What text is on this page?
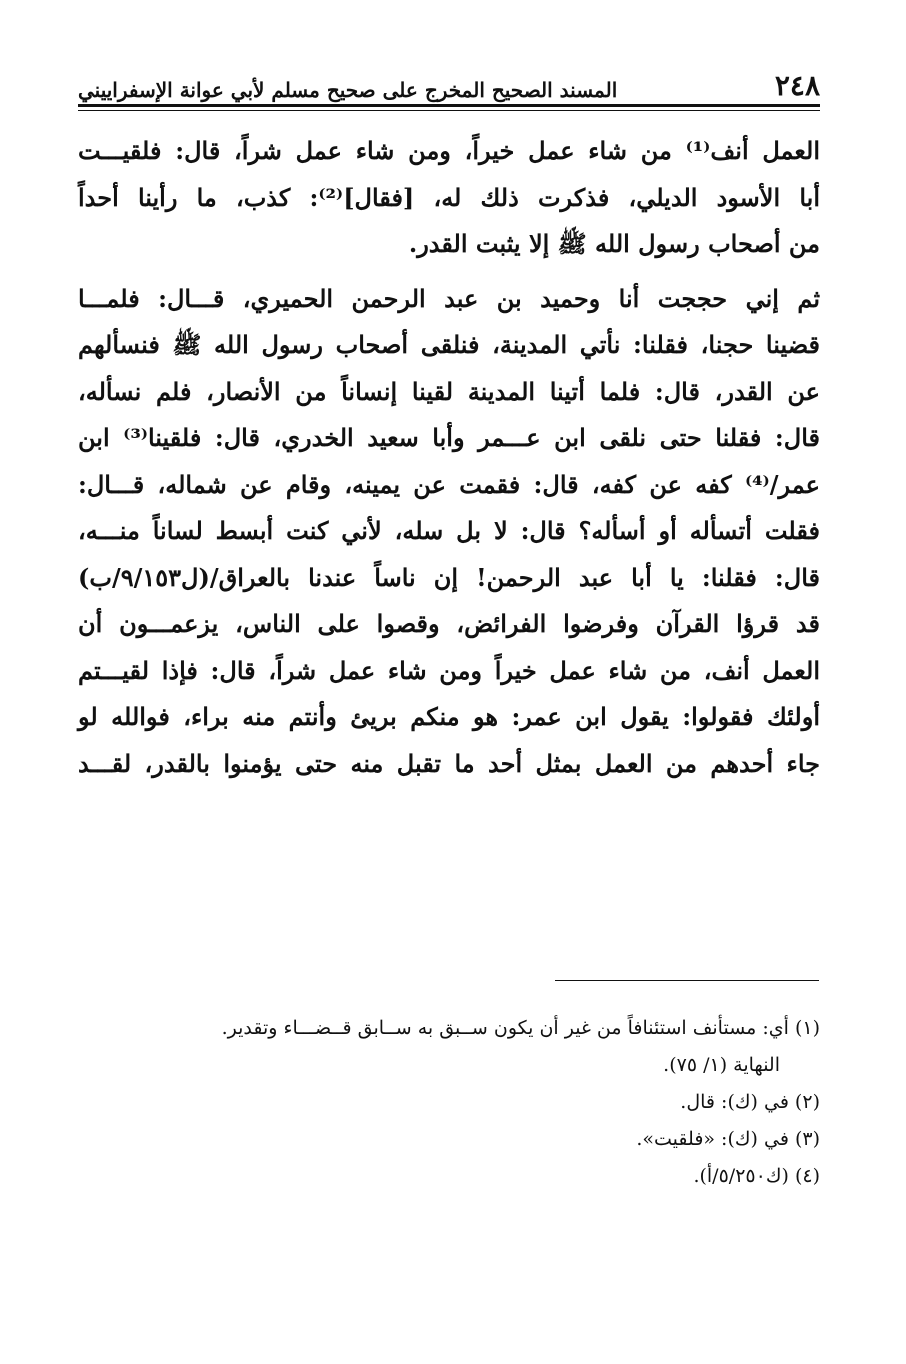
٢٤٨
المسند الصحيح المخرج على صحيح مسلم لأبي عوانة الإسفراييني
العمل أنف⁽¹⁾ من شاء عمل خيراً، ومن شاء عمل شراً، قال: فلقيـــت
أبا الأسود الديلي، فذكرت ذلك له، [فقال]⁽²⁾: كذب، ما رأينا أحداً
من أصحاب رسول الله ﷺ إلا يثبت القدر.
ثم إني حججت أنا وحميد بن عبد الرحمن الحميري، قـــال: فلمـــا
قضينا حجنا، فقلنا: نأتي المدينة، فنلقى أصحاب رسول الله ﷺ فنسألهم
عن القدر، قال: فلما أتينا المدينة لقينا إنساناً من الأنصار، فلم نسأله،
قال: فقلنا حتى نلقى ابن عـــمر وأبا سعيد الخدري، قال: فلقينا⁽³⁾ ابن
عمر/⁽⁴⁾ كفه عن كفه، قال: فقمت عن يمينه، وقام عن شماله، قـــال:
فقلت أتسأله أو أسأله؟ قال: لا بل سله، لأني كنت أبسط لساناً منـــه،
قال: فقلنا: يا أبا عبد الرحمن! إن ناساً عندنا بالعراق/(ل٩/١٥٣/ب)
قد قرؤا القرآن وفرضوا الفرائض، وقصوا على الناس، يزعمـــون أن
العمل أنف، من شاء عمل خيراً ومن شاء عمل شراً، قال: فإذا لقيـــتم
أولئك فقولوا: يقول ابن عمر: هو منكم بريئ وأنتم منه براء، فوالله لو
جاء أحدهم من العمل بمثل أحد ما تقبل منه حتى يؤمنوا بالقدر، لقـــد
(١) أي: مستأنف استئنافاً من غير أن يكون ســبق به ســابق قــضـــاء وتقدير.
النهاية (١/ ٧٥).
(٢) في (ك): قال.
(٣) في (ك): «فلقيت».
(٤) (ك٥/٢٥٠/أ).
